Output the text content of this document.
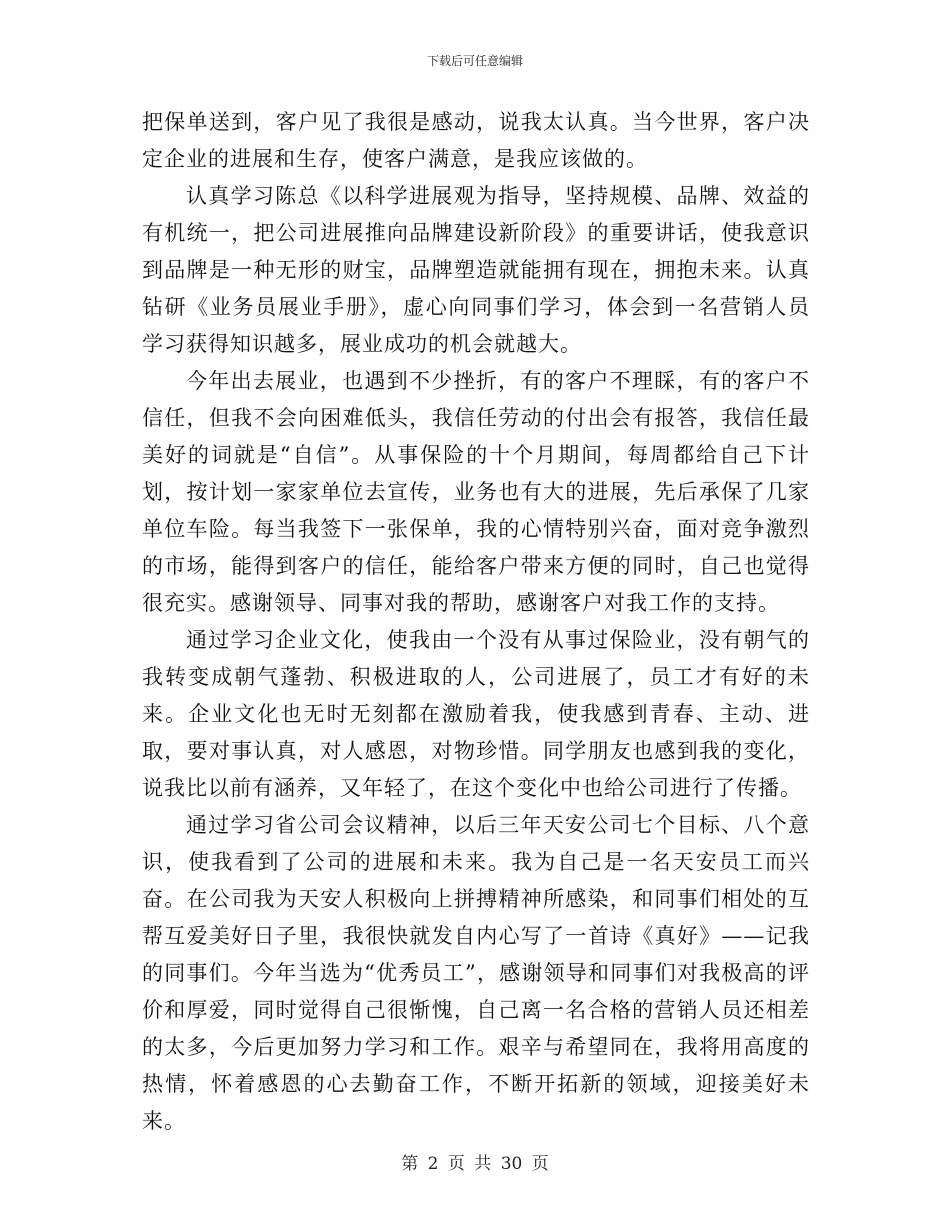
下载后可任意编辑

把保单送到，客户见了我很是感动，说我太认真。当今世界，客户决定企业的进展和生存，使客户满意，是我应该做的。

认真学习陈总《以科学进展观为指导，坚持规模、品牌、效益的有机统一，把公司进展推向品牌建设新阶段》的重要讲话，使我意识到品牌是一种无形的财宝，品牌塑造就能拥有现在，拥抱未来。认真钻研《业务员展业手册》，虚心向同事们学习，体会到一名营销人员学习获得知识越多，展业成功的机会就越大。

今年出去展业，也遇到不少挫折，有的客户不理睬，有的客户不信任，但我不会向困难低头，我信任劳动的付出会有报答，我信任最美好的词就是“自信”。从事保险的十个月期间，每周都给自己下计划，按计划一家家单位去宣传，业务也有大的进展，先后承保了几家单位车险。每当我签下一张保单，我的心情特别兴奋，面对竞争激烈的市场，能得到客户的信任，能给客户带来方便的同时，自己也觉得很充实。感谢领导、同事对我的帮助，感谢客户对我工作的支持。

通过学习企业文化，使我由一个没有从事过保险业，没有朝气的我转变成朝气蓬勃、积极进取的人，公司进展了，员工才有好的未来。企业文化也无时无刻都在激励着我，使我感到青春、主动、进取，要对事认真，对人感恩，对物珍惜。同学朋友也感到我的变化，说我比以前有涵养，又年轻了，在这个变化中也给公司进行了传播。

通过学习省公司会议精神，以后三年天安公司七个目标、八个意识，使我看到了公司的进展和未来。我为自己是一名天安员工而兴奋。在公司我为天安人积极向上拼搏精神所感染，和同事们相处的互帮互爱美好日子里，我很快就发自内心写了一首诗《真好》——记我的同事们。今年当选为“优秀员工”，感谢领导和同事们对我极高的评价和厚爱，同时觉得自己很惭愧，自己离一名合格的营销人员还相差的太多，今后更加努力学习和工作。艰辛与希望同在，我将用高度的热情，怀着感恩的心去勤奋工作，不断开拓新的领域，迎接美好未来。

第 2 页 共 30 页
